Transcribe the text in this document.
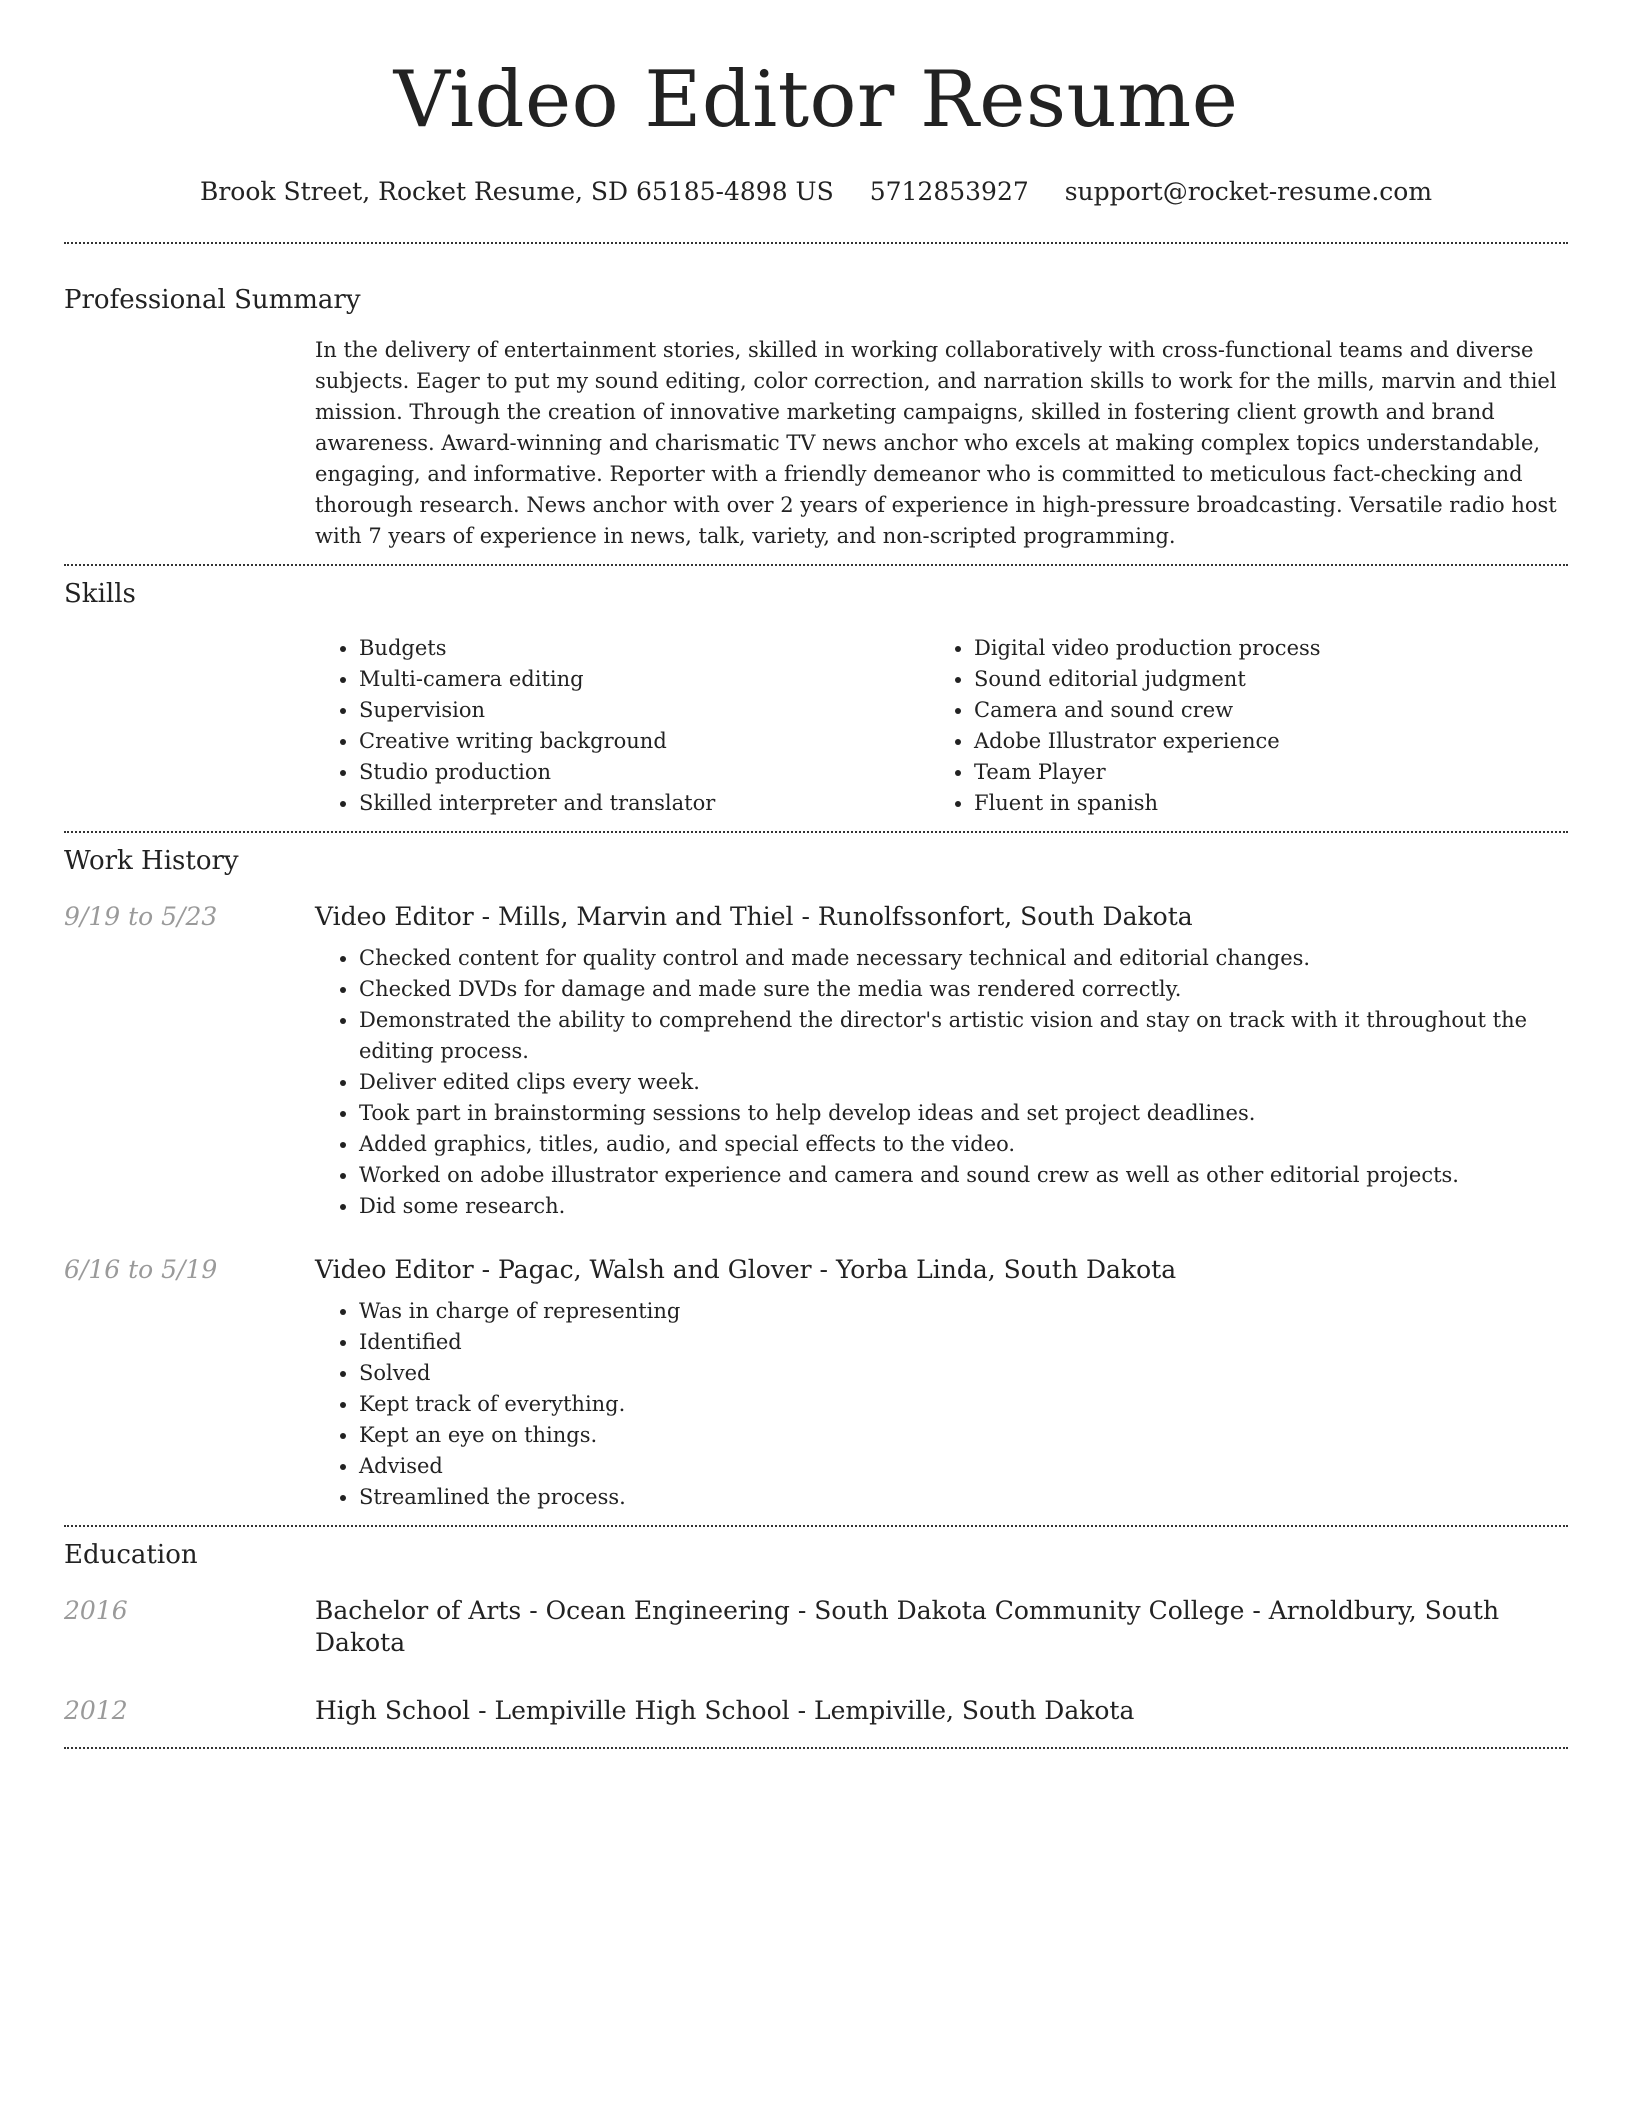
Video Editor Resume
Brook Street, Rocket Resume, SD 65185-4898 US 5712853927 support@rocket-resume.com
Professional Summary
In the delivery of entertainment stories, skilled in working collaboratively with cross-functional teams and diverse subjects. Eager to put my sound editing, color correction, and narration skills to work for the mills, marvin and thiel mission. Through the creation of innovative marketing campaigns, skilled in fostering client growth and brand awareness. Award-winning and charismatic TV news anchor who excels at making complex topics understandable, engaging, and informative. Reporter with a friendly demeanor who is committed to meticulous fact-checking and thorough research. News anchor with over 2 years of experience in high-pressure broadcasting. Versatile radio host with 7 years of experience in news, talk, variety, and non-scripted programming.
Skills
• Budgets
• Multi-camera editing
• Supervision
• Creative writing background
• Studio production
• Skilled interpreter and translator
• Digital video production process
• Sound editorial judgment
• Camera and sound crew
• Adobe Illustrator experience
• Team Player
• Fluent in spanish
Work History
9/19 to 5/23	Video Editor - Mills, Marvin and Thiel - Runolfssonfort, South Dakota
• Checked content for quality control and made necessary technical and editorial changes.
• Checked DVDs for damage and made sure the media was rendered correctly.
• Demonstrated the ability to comprehend the director's artistic vision and stay on track with it throughout the editing process.
• Deliver edited clips every week.
• Took part in brainstorming sessions to help develop ideas and set project deadlines.
• Added graphics, titles, audio, and special effects to the video.
• Worked on adobe illustrator experience and camera and sound crew as well as other editorial projects.
• Did some research.
6/16 to 5/19	Video Editor - Pagac, Walsh and Glover - Yorba Linda, South Dakota
• Was in charge of representing
• Identified
• Solved
• Kept track of everything.
• Kept an eye on things.
• Advised
• Streamlined the process.
Education
2016	Bachelor of Arts - Ocean Engineering - South Dakota Community College - Arnoldbury, South Dakota
2012	High School - Lempiville High School - Lempiville, South Dakota
